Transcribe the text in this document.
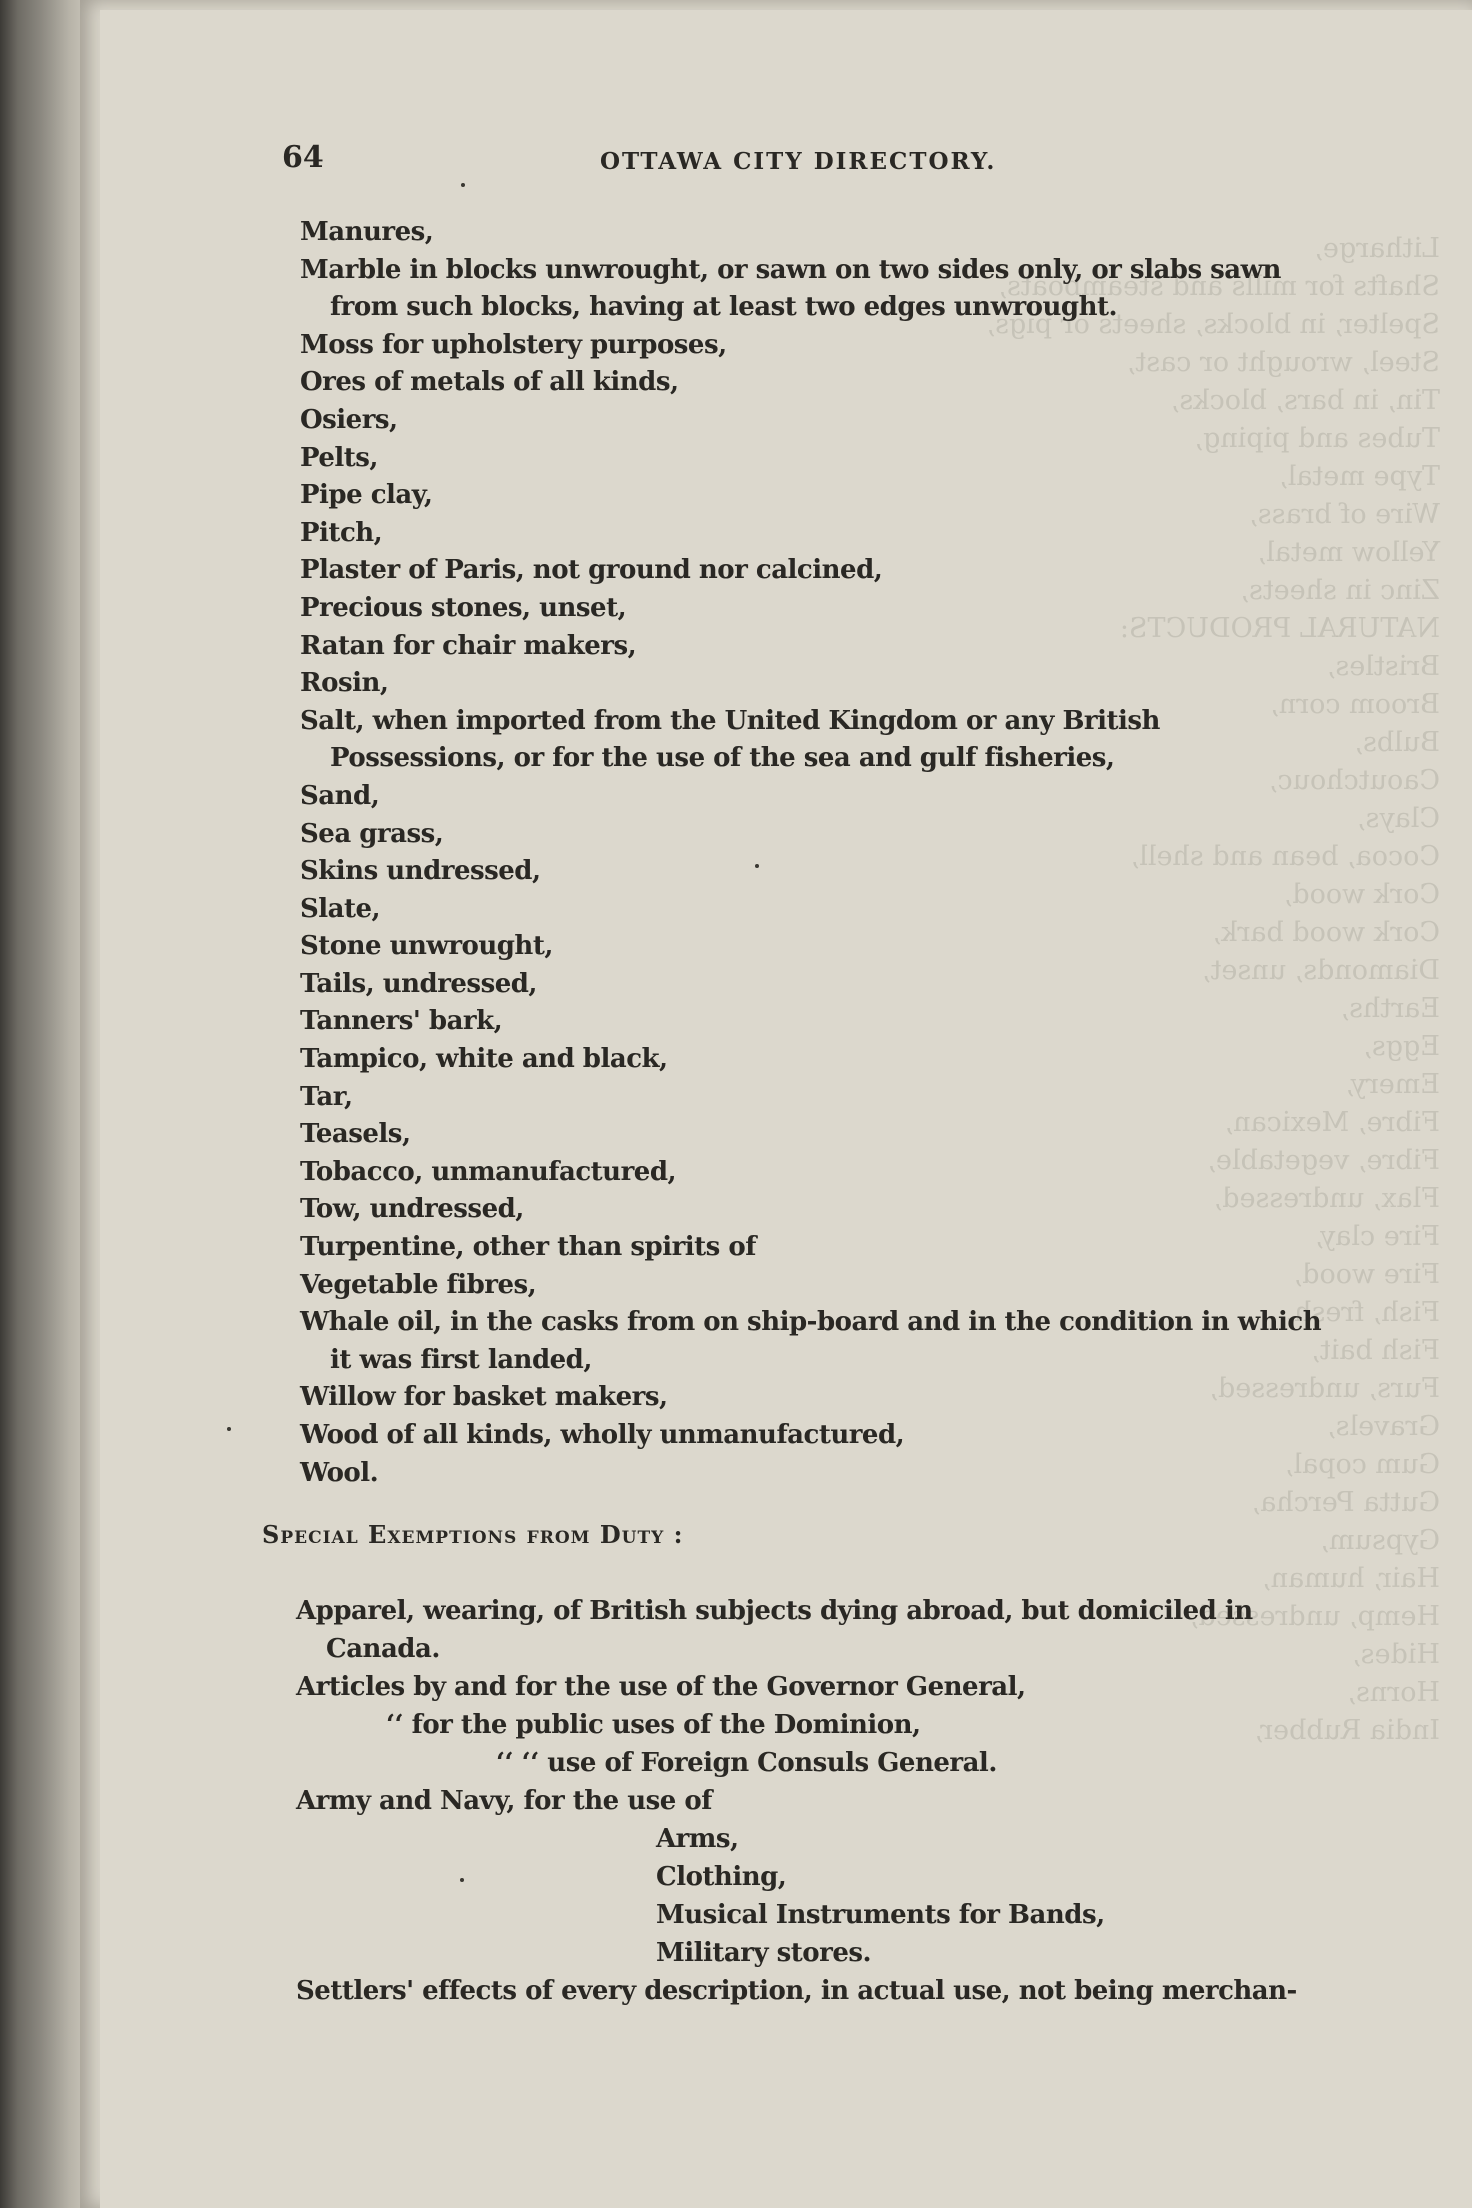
Litharge,
Shafts for mills and
Spelter, in blocks, sheets
Steel, wrought or cast,
Tin, in bars, blocks,
Tubes and piping,
Type metal,
Wire of brass,
Yellow metal,
Zinc in sheets,
NATURAL PRODUCTS:
Bristles,
Broom corn,
Bulbs,
Caoutchouc,
Clays,
Cocoa, bean and shell,
Cork wood,
Cork wood bark,
Diamonds, unset,
Earths,
Eggs,
Emery,
Fibre, Mexican,
Fibre, vegetable,
Flax, undressed,
Fire clay,
Fire wood,
Fish, fresh,
Fish bait,
Furs, undressed,
Gravels,
Gum copal,
Gutta Percha,
Gypsum,
Hair, human,
Hemp, undressed,
Hides,
Horns,
India Rubber,
64	OTTAWA CITY DIRECTORY.
Manures,
Marble in blocks unwrought, or sawn on two sides only, or slabs sawn from such blocks, having at least two edges unwrought.
Moss for upholstery purposes,
Ores of metals of all kinds,
Osiers,
Pelts,
Pipe clay,
Pitch,
Plaster of Paris, not ground nor calcined,
Precious stones, unset,
Ratan for chair makers,
Rosin,
Salt, when imported from the United Kingdom or any British Possessions, or for the use of the sea and gulf fisheries,
Sand,
Sea grass,
Skins undressed,
Slate,
Stone unwrought,
Tails, undressed,
Tanners' bark,
Tampico, white and black,
Tar,
Teasels,
Tobacco, unmanufactured,
Tow, undressed,
Turpentine, other than spirits of
Vegetable fibres,
Whale oil, in the casks from on ship-board and in the condition in which it was first landed,
Willow for basket makers,
Wood of all kinds, wholly unmanufactured,
Wool.
Special Exemptions from Duty :
Apparel, wearing, of British subjects dying abroad, but domiciled in Canada.
Articles by and for the use of the Governor General,
‘‘ for the public uses of the Dominion,
‘‘ ‘‘ use of Foreign Consuls General.
Army and Navy, for the use of
Arms,
Clothing,
Musical Instruments for Bands,
Military stores.
Settlers' effects of every description, in actual use, not being merchan-
